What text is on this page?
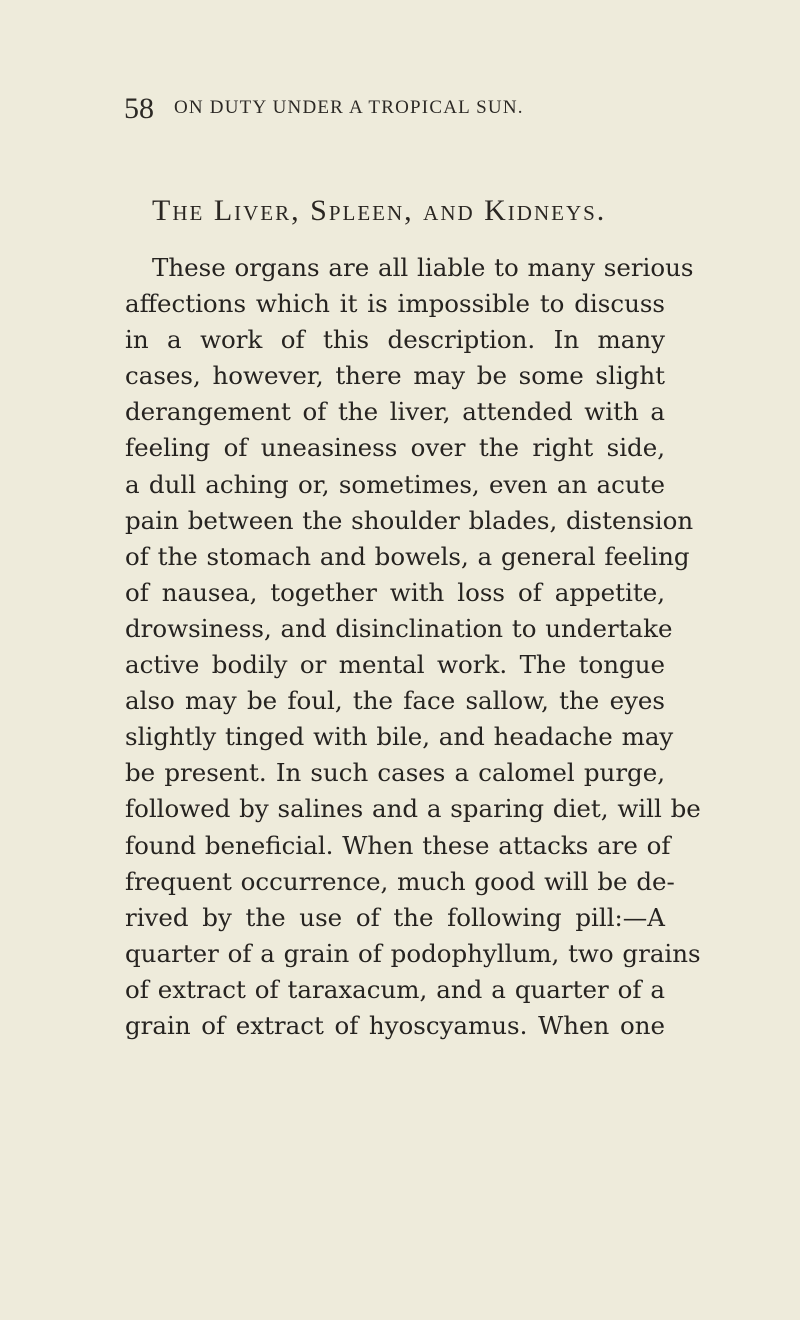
58 ON DUTY UNDER A TROPICAL SUN.
The Liver, Spleen, and Kidneys.
These organs are all liable to many serious
affections which it is impossible to discuss
in a work of this description. In many
cases, however, there may be some slight
derangement of the liver, attended with a
feeling of uneasiness over the right side,
a dull aching or, sometimes, even an acute
pain between the shoulder blades, distension
of the stomach and bowels, a general feeling
of nausea, together with loss of appetite,
drowsiness, and disinclination to undertake
active bodily or mental work. The tongue
also may be foul, the face sallow, the eyes
slightly tinged with bile, and headache may
be present. In such cases a calomel purge,
followed by salines and a sparing diet, will be
found beneficial. When these attacks are of
frequent occurrence, much good will be de-
rived by the use of the following pill:—A
quarter of a grain of podophyllum, two grains
of extract of taraxacum, and a quarter of a
grain of extract of hyoscyamus. When one
